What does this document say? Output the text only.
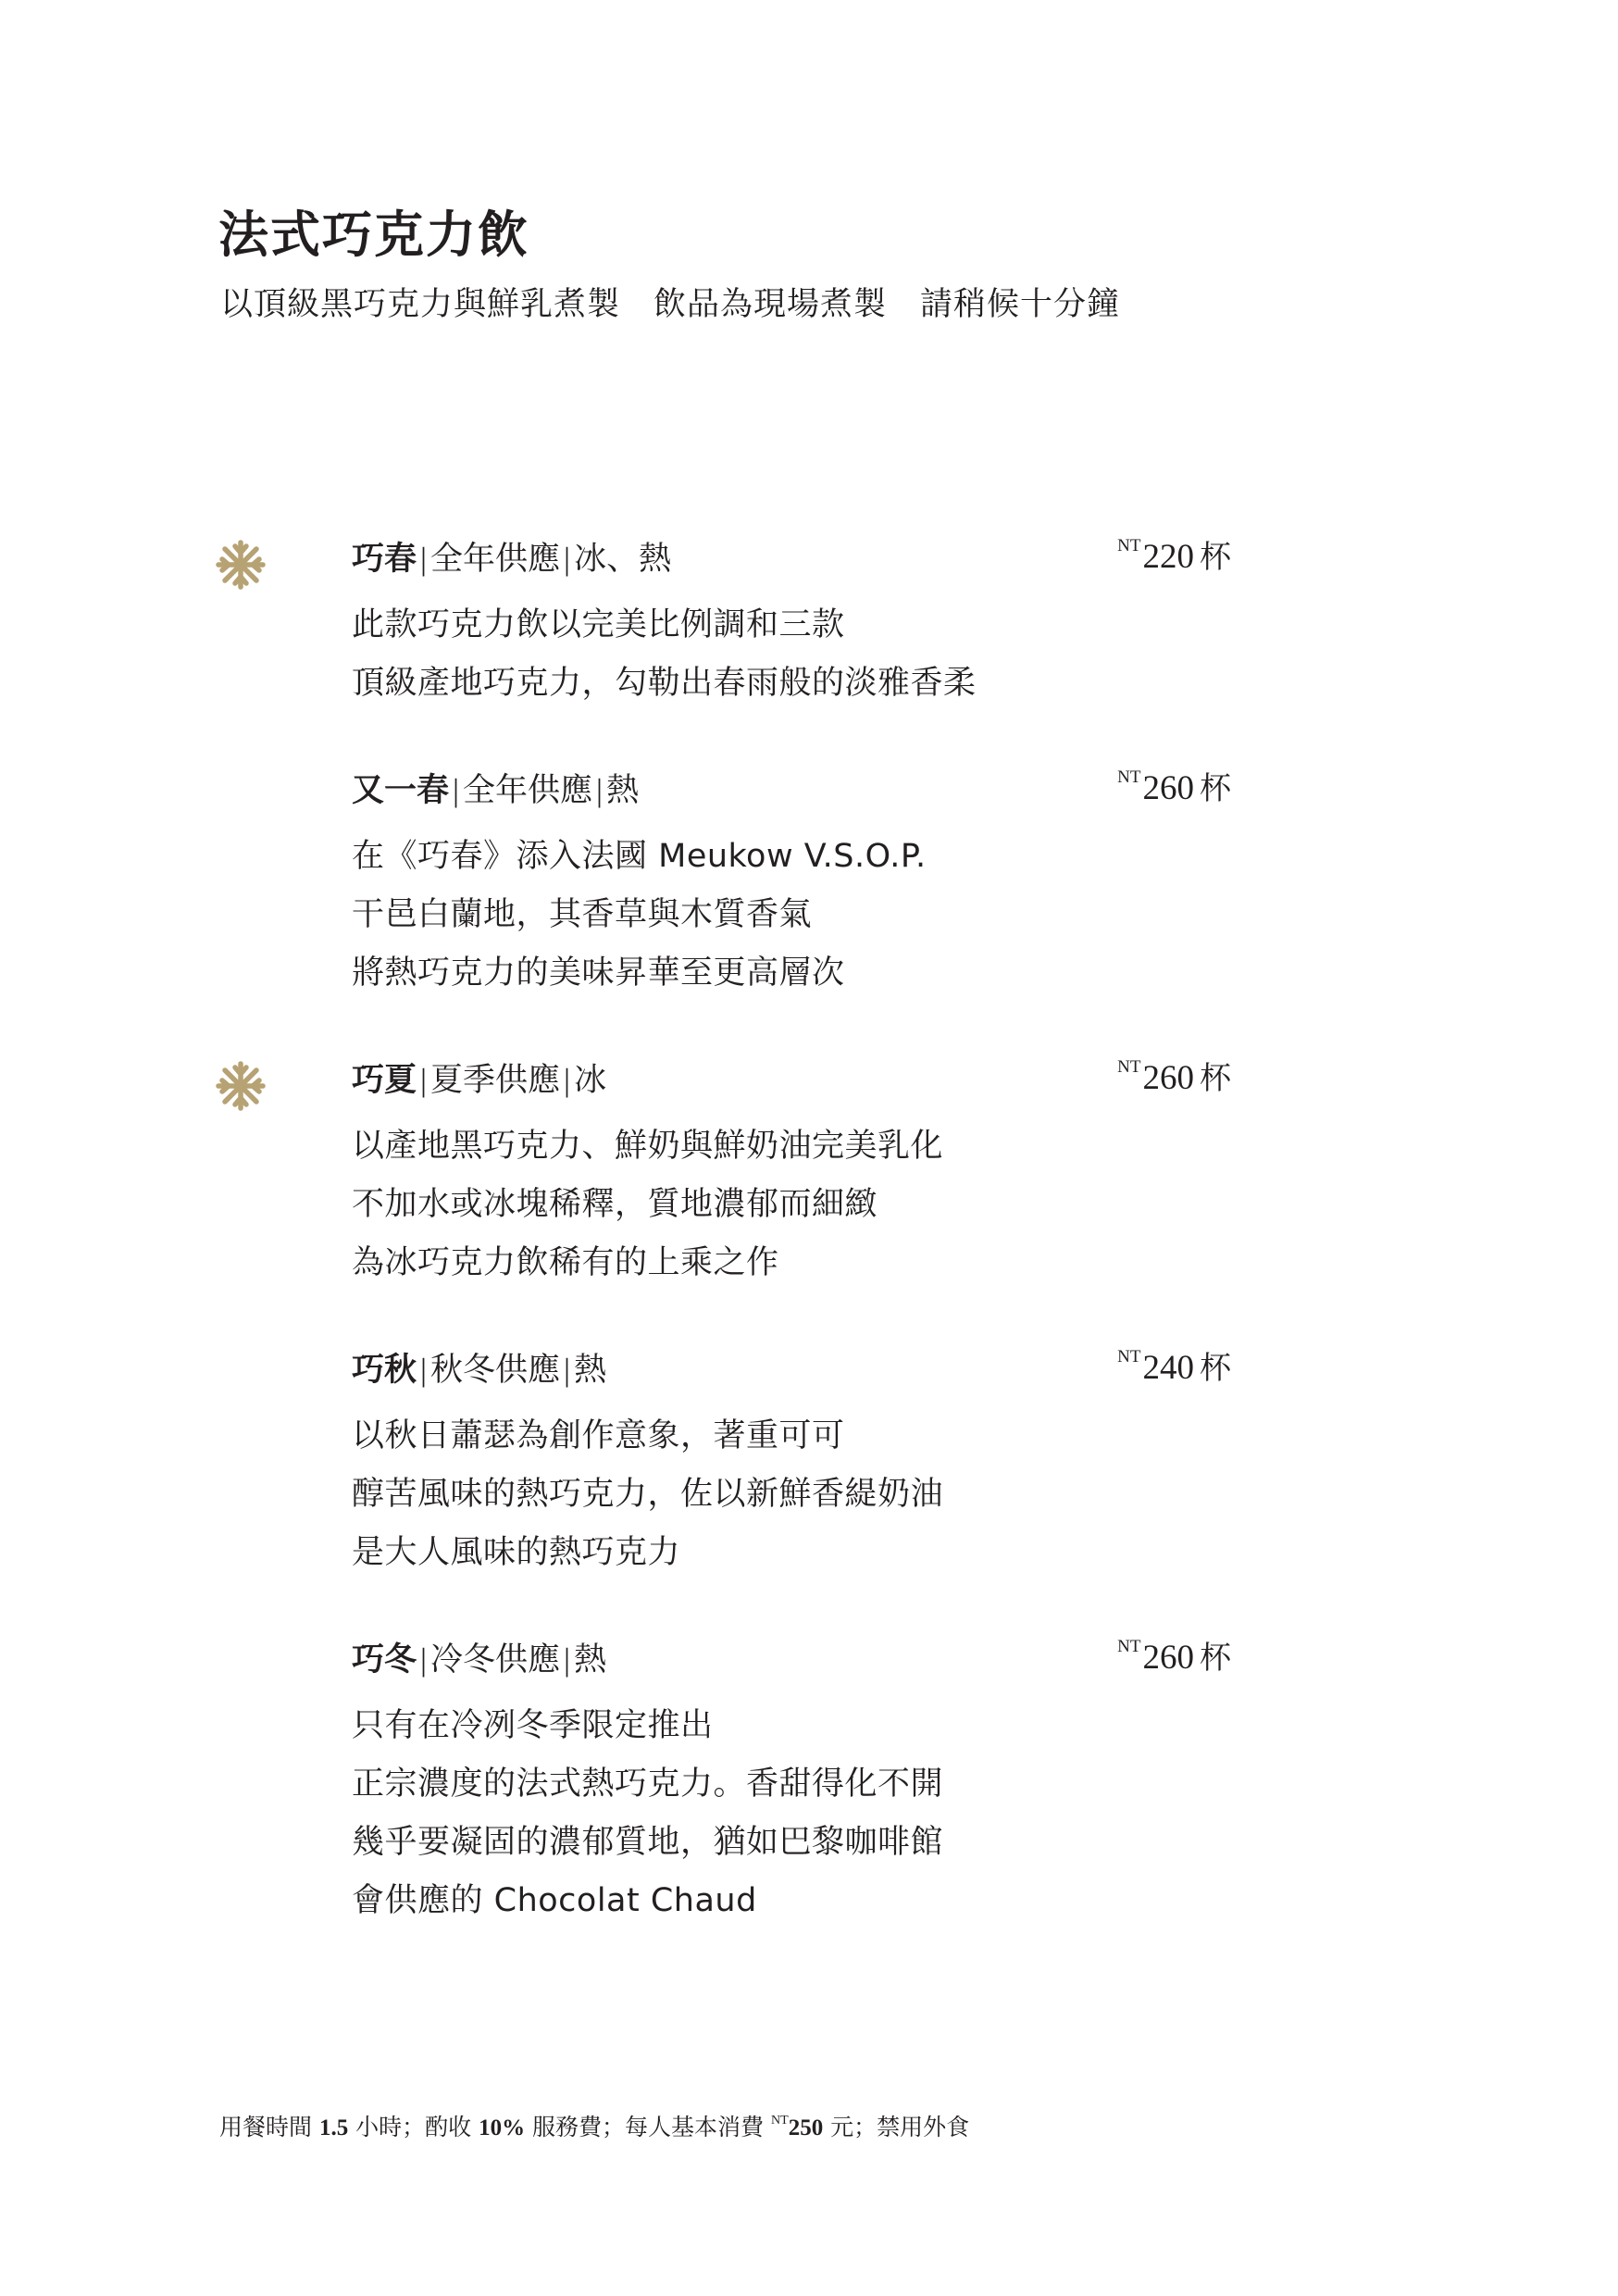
法式巧克力飲
以頂級黑巧克力與鮮乳煮製　飲品為現場煮製　請稍候十分鐘
巧春 | 全年供應 | 冰、熱	$^{NT}$220 杯
此款巧克力飲以完美比例調和三款
頂級產地巧克力，勾勒出春雨般的淡雅香柔
又一春 | 全年供應 | 熱	$^{NT}$260 杯
在《巧春》添入法國 Meukow V.S.O.P.
干邑白蘭地，其香草與木質香氣
將熱巧克力的美味昇華至更高層次
巧夏 | 夏季供應 | 冰	$^{NT}$260 杯
以產地黑巧克力、鮮奶與鮮奶油完美乳化
不加水或冰塊稀釋，質地濃郁而細緻
為冰巧克力飲稀有的上乘之作
巧秋 | 秋冬供應 | 熱	$^{NT}$240 杯
以秋日蕭瑟為創作意象，著重可可
醇苦風味的熱巧克力，佐以新鮮香緹奶油
是大人風味的熱巧克力
巧冬 | 冷冬供應 | 熱	$^{NT}$260 杯
只有在冷冽冬季限定推出
正宗濃度的法式熱巧克力。香甜得化不開
幾乎要凝固的濃郁質地，猶如巴黎咖啡館
會供應的 Chocolat Chaud
用餐時間 1.5 小時；酌收 10% 服務費；每人基本消費 $^{NT}$250 元；禁用外食
